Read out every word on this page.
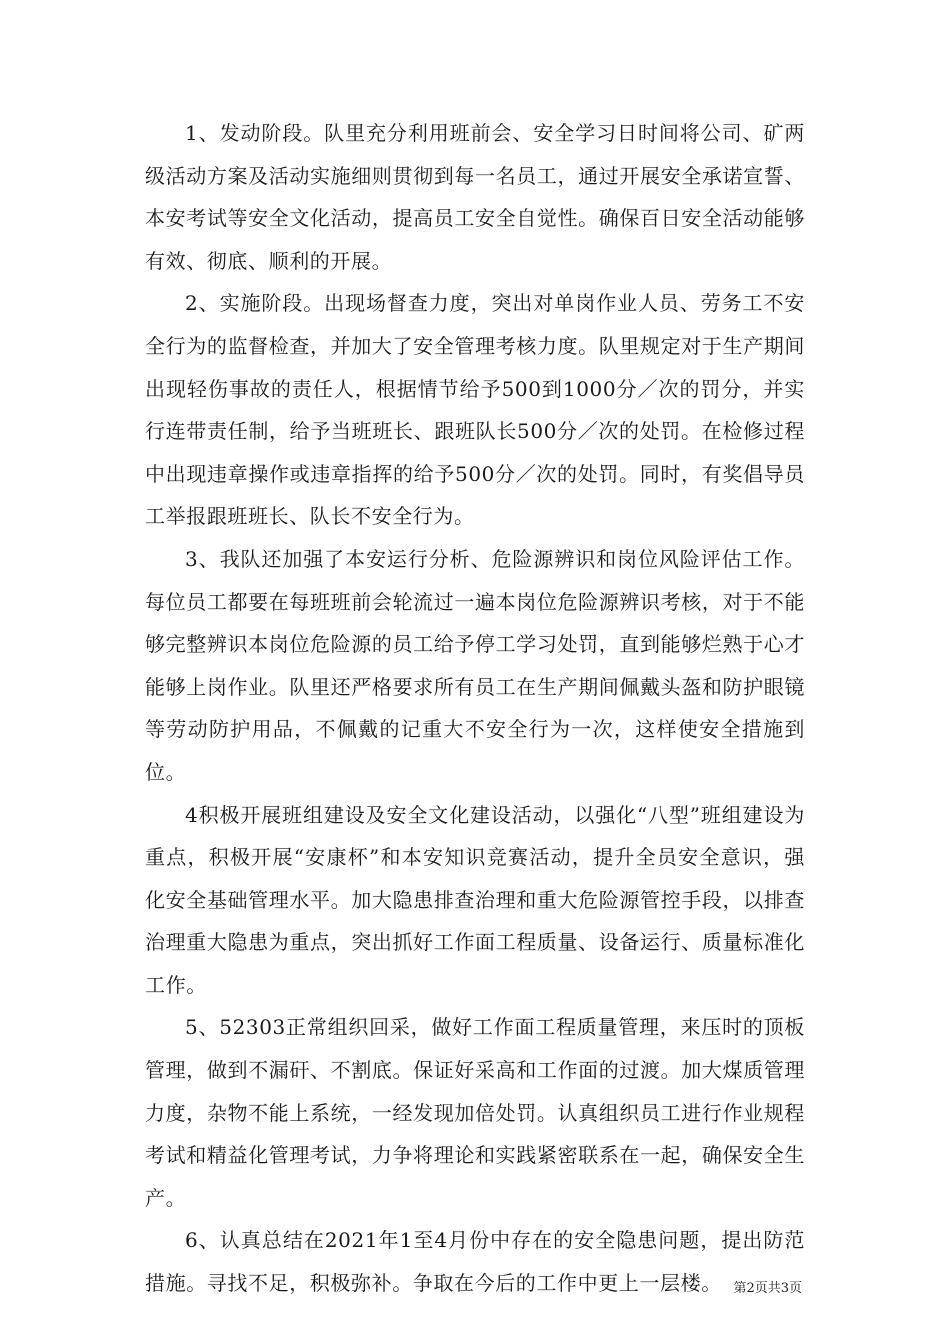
1、发动阶段。队里充分利用班前会、安全学习日时间将公司、矿两级活动方案及活动实施细则贯彻到每一名员工，通过开展安全承诺宣誓、本安考试等安全文化活动，提高员工安全自觉性。确保百日安全活动能够有效、彻底、顺利的开展。

2、实施阶段。出现场督查力度，突出对单岗作业人员、劳务工不安全行为的监督检查，并加大了安全管理考核力度。队里规定对于生产期间出现轻伤事故的责任人，根据情节给予500到1000分／次的罚分，并实行连带责任制，给予当班班长、跟班队长500分／次的处罚。在检修过程中出现违章操作或违章指挥的给予500分／次的处罚。同时，有奖倡导员工举报跟班班长、队长不安全行为。

3、我队还加强了本安运行分析、危险源辨识和岗位风险评估工作。每位员工都要在每班班前会轮流过一遍本岗位危险源辨识考核，对于不能够完整辨识本岗位危险源的员工给予停工学习处罚，直到能够烂熟于心才能够上岗作业。队里还严格要求所有员工在生产期间佩戴头盔和防护眼镜等劳动防护用品，不佩戴的记重大不安全行为一次，这样使安全措施到位。

4积极开展班组建设及安全文化建设活动，以强化“八型”班组建设为重点，积极开展“安康杯”和本安知识竞赛活动，提升全员安全意识，强化安全基础管理水平。加大隐患排查治理和重大危险源管控手段，以排查治理重大隐患为重点，突出抓好工作面工程质量、设备运行、质量标准化工作。

5、52303正常组织回采，做好工作面工程质量管理，来压时的顶板管理，做到不漏矸、不割底。保证好采高和工作面的过渡。加大煤质管理力度，杂物不能上系统，一经发现加倍处罚。认真组织员工进行作业规程考试和精益化管理考试，力争将理论和实践紧密联系在一起，确保安全生产。

6、认真总结在2021年1至4月份中存在的安全隐患问题，提出防范措施。寻找不足，积极弥补。争取在今后的工作中更上一层楼。 第2页共3页
